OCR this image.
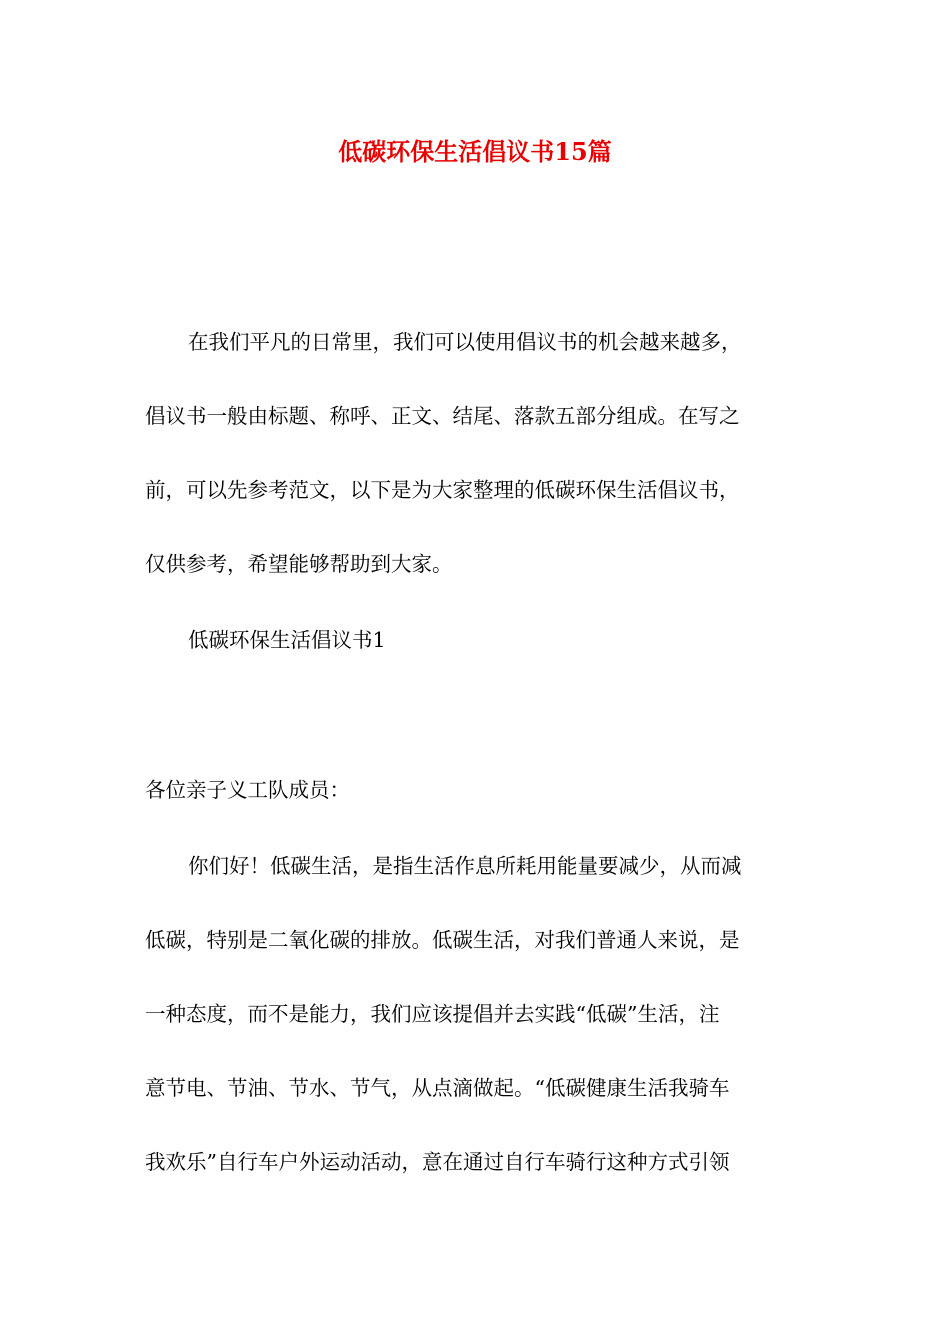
低碳环保生活倡议书15篇

在我们平凡的日常里，我们可以使用倡议书的机会越来越多，

倡议书一般由标题、称呼、正文、结尾、落款五部分组成。在写之

前，可以先参考范文，以下是为大家整理的低碳环保生活倡议书，

仅供参考，希望能够帮助到大家。

低碳环保生活倡议书1

各位亲子义工队成员：

你们好！低碳生活，是指生活作息所耗用能量要减少，从而减

低碳，特别是二氧化碳的排放。低碳生活，对我们普通人来说，是

一种态度，而不是能力，我们应该提倡并去实践“低碳”生活，注

意节电、节油、节水、节气，从点滴做起。“低碳健康生活我骑车

我欢乐”自行车户外运动活动，意在通过自行车骑行这种方式引领
